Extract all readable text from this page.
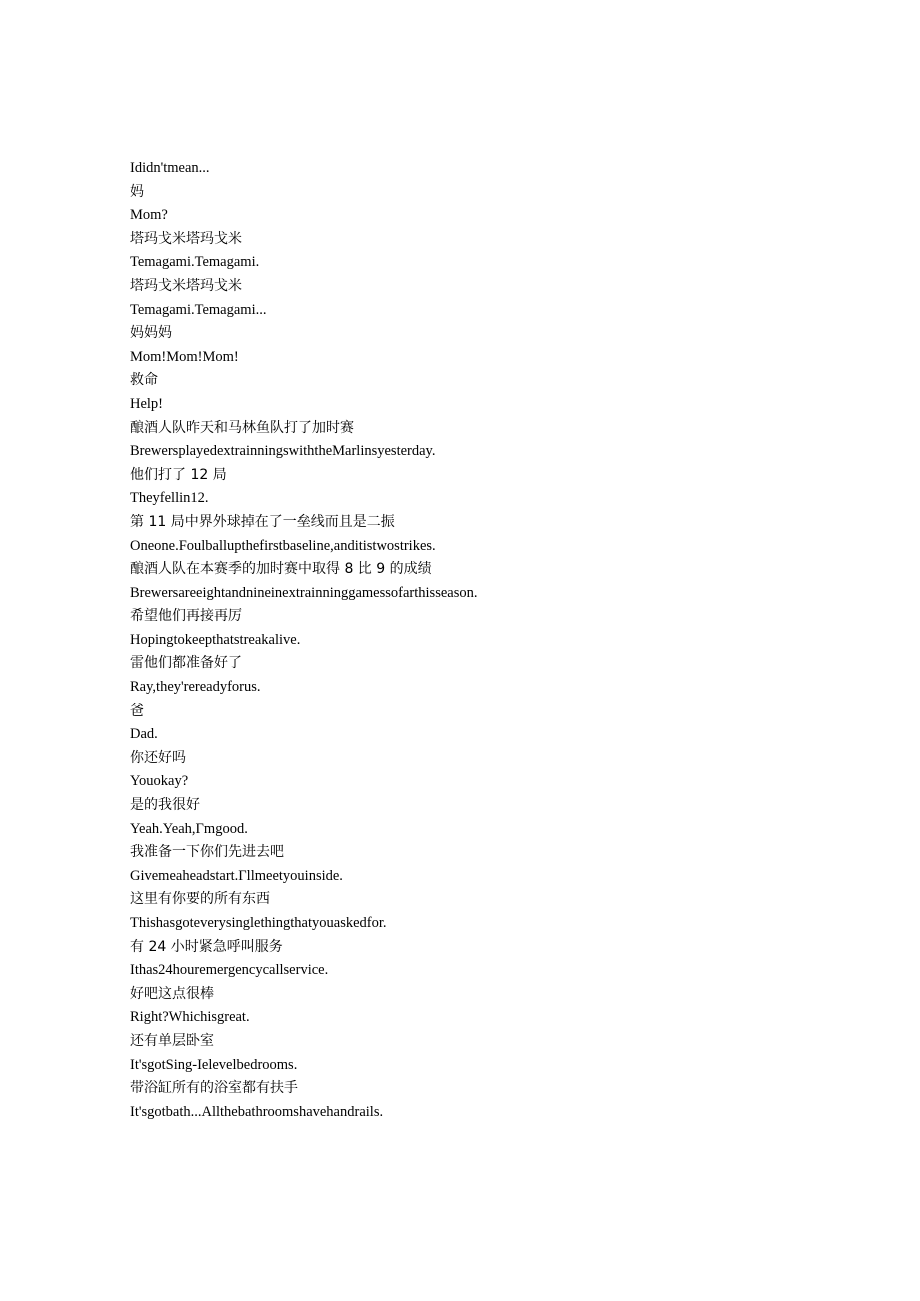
Ididn'tmean...
妈
Mom?
塔玛戈米塔玛戈米
Temagami.Temagami.
塔玛戈米塔玛戈米
Temagami.Temagami...
妈妈妈
Mom!Mom!Mom!
救命
Help!
酿酒人队昨天和马林鱼队打了加时赛
BrewersplayedextrainningswiththeMarlinsyesterday.
他们打了 12 局
Theyfellin12.
第 11 局中界外球掉在了一垒线而且是二振
Oneone.Foulballupthefirstbaseline,anditistwostrikes.
酿酒人队在本赛季的加时赛中取得 8 比 9 的成绩
Brewersareeightandnineinextrainninggamessofarthisseason.
希望他们再接再厉
Hopingtokeepthatstreakalive.
雷他们都准备好了
Ray,they'rereadyforus.
爸
Dad.
你还好吗
Youokay?
是的我很好
Yeah.Yeah,Γmgood.
我准备一下你们先进去吧
Givemeaheadstart.Γllmeetyouinside.
这里有你要的所有东西
Thishasgoteverysinglethingthatyouaskedfor.
有 24 小时紧急呼叫服务
Ithas24houremergencycallservice.
好吧这点很棒
Right?Whichisgreat.
还有单层卧室
It'sgotSing-Ielevelbedrooms.
带浴缸所有的浴室都有扶手
It'sgotbath...Allthebathroomshavehandrails.
